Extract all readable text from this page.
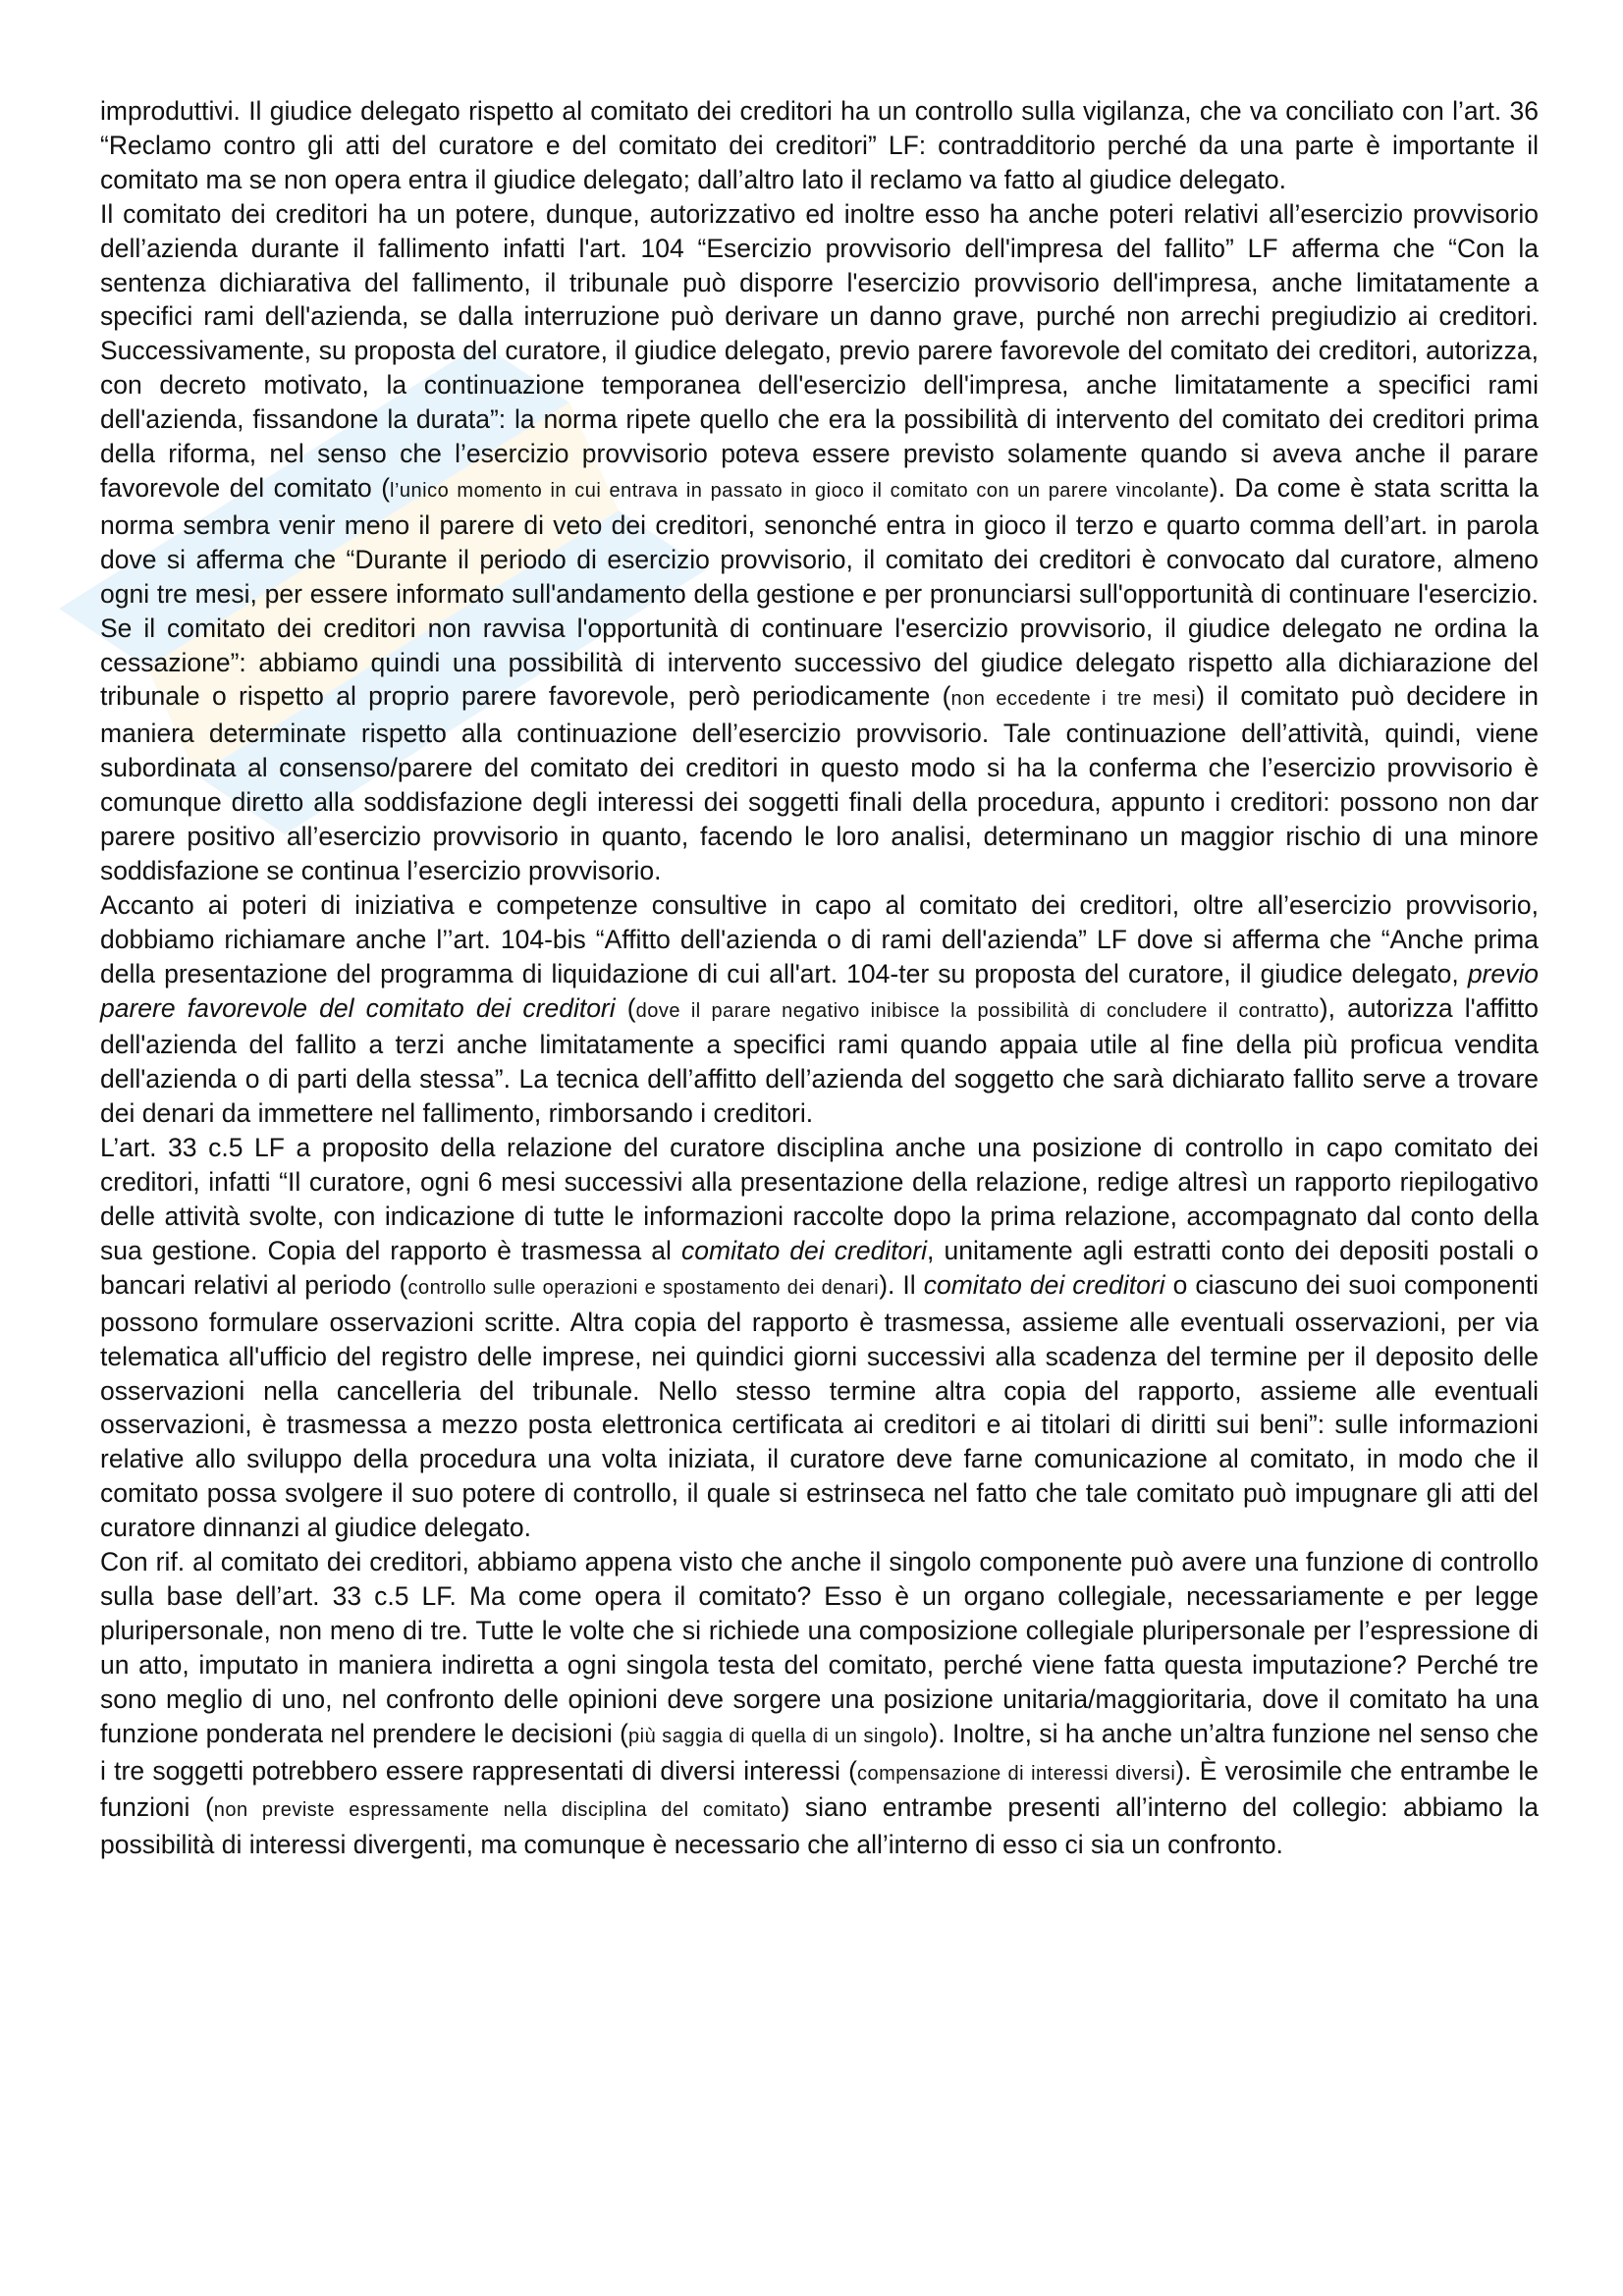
improduttivi. Il giudice delegato rispetto al comitato dei creditori ha un controllo sulla vigilanza, che va conciliato con l’art. 36 “Reclamo contro gli atti del curatore e del comitato dei creditori” LF: contradditorio perché da una parte è importante il comitato ma se non opera entra il giudice delegato; dall’altro lato il reclamo va fatto al giudice delegato.

Il comitato dei creditori ha un potere, dunque, autorizzativo ed inoltre esso ha anche poteri relativi all’esercizio provvisorio dell’azienda durante il fallimento infatti l'art. 104 “Esercizio provvisorio dell'impresa del fallito” LF afferma che “Con la sentenza dichiarativa del fallimento, il tribunale può disporre l'esercizio provvisorio dell'impresa, anche limitatamente a specifici rami dell'azienda, se dalla interruzione può derivare un danno grave, purché non arrechi pregiudizio ai creditori. Successivamente, su proposta del curatore, il giudice delegato, previo parere favorevole del comitato dei creditori, autorizza, con decreto motivato, la continuazione temporanea dell'esercizio dell'impresa, anche limitatamente a specifici rami dell'azienda, fissandone la durata”: la norma ripete quello che era la possibilità di intervento del comitato dei creditori prima della riforma, nel senso che l’esercizio provvisorio poteva essere previsto solamente quando si aveva anche il parare favorevole del comitato (l’unico momento in cui entrava in passato in gioco il comitato con un parere vincolante). Da come è stata scritta la norma sembra venir meno il parere di veto dei creditori, senonché entra in gioco il terzo e quarto comma dell’art. in parola dove si afferma che “Durante il periodo di esercizio provvisorio, il comitato dei creditori è convocato dal curatore, almeno ogni tre mesi, per essere informato sull'andamento della gestione e per pronunciarsi sull'opportunità di continuare l'esercizio. Se il comitato dei creditori non ravvisa l'opportunità di continuare l'esercizio provvisorio, il giudice delegato ne ordina la cessazione”: abbiamo quindi una possibilità di intervento successivo del giudice delegato rispetto alla dichiarazione del tribunale o rispetto al proprio parere favorevole, però periodicamente (non eccedente i tre mesi) il comitato può decidere in maniera determinate rispetto alla continuazione dell’esercizio provvisorio. Tale continuazione dell’attività, quindi, viene subordinata al consenso/parere del comitato dei creditori in questo modo si ha la conferma che l’esercizio provvisorio è comunque diretto alla soddisfazione degli interessi dei soggetti finali della procedura, appunto i creditori: possono non dar parere positivo all’esercizio provvisorio in quanto, facendo le loro analisi, determinano un maggior rischio di una minore soddisfazione se continua l’esercizio provvisorio.

Accanto ai poteri di iniziativa e competenze consultive in capo al comitato dei creditori, oltre all’esercizio provvisorio, dobbiamo richiamare anche l’’art. 104-bis “Affitto dell'azienda o di rami dell'azienda” LF dove si afferma che “Anche prima della presentazione del programma di liquidazione di cui all'art. 104-ter su proposta del curatore, il giudice delegato, previo parere favorevole del comitato dei creditori (dove il parare negativo inibisce la possibilità di concludere il contratto), autorizza l'affitto dell'azienda del fallito a terzi anche limitatamente a specifici rami quando appaia utile al fine della più proficua vendita dell'azienda o di parti della stessa”. La tecnica dell’affitto dell’azienda del soggetto che sarà dichiarato fallito serve a trovare dei denari da immettere nel fallimento, rimborsando i creditori.

L’art. 33 c.5 LF a proposito della relazione del curatore disciplina anche una posizione di controllo in capo comitato dei creditori, infatti “Il curatore, ogni 6 mesi successivi alla presentazione della relazione, redige altresì un rapporto riepilogativo delle attività svolte, con indicazione di tutte le informazioni raccolte dopo la prima relazione, accompagnato dal conto della sua gestione. Copia del rapporto è trasmessa al comitato dei creditori, unitamente agli estratti conto dei depositi postali o bancari relativi al periodo (controllo sulle operazioni e spostamento dei denari). Il comitato dei creditori o ciascuno dei suoi componenti possono formulare osservazioni scritte. Altra copia del rapporto è trasmessa, assieme alle eventuali osservazioni, per via telematica all'ufficio del registro delle imprese, nei quindici giorni successivi alla scadenza del termine per il deposito delle osservazioni nella cancelleria del tribunale. Nello stesso termine altra copia del rapporto, assieme alle eventuali osservazioni, è trasmessa a mezzo posta elettronica certificata ai creditori e ai titolari di diritti sui beni”: sulle informazioni relative allo sviluppo della procedura una volta iniziata, il curatore deve farne comunicazione al comitato, in modo che il comitato possa svolgere il suo potere di controllo, il quale si estrinseca nel fatto che tale comitato può impugnare gli atti del curatore dinnanzi al giudice delegato.

Con rif. al comitato dei creditori, abbiamo appena visto che anche il singolo componente può avere una funzione di controllo sulla base dell’art. 33 c.5 LF. Ma come opera il comitato? Esso è un organo collegiale, necessariamente e per legge pluripersonale, non meno di tre. Tutte le volte che si richiede una composizione collegiale pluripersonale per l’espressione di un atto, imputato in maniera indiretta a ogni singola testa del comitato, perché viene fatta questa imputazione? Perché tre sono meglio di uno, nel confronto delle opinioni deve sorgere una posizione unitaria/maggioritaria, dove il comitato ha una funzione ponderata nel prendere le decisioni (più saggia di quella di un singolo). Inoltre, si ha anche un’altra funzione nel senso che i tre soggetti potrebbero essere rappresentati di diversi interessi (compensazione di interessi diversi). È verosimile che entrambe le funzioni (non previste espressamente nella disciplina del comitato) siano entrambe presenti all’interno del collegio: abbiamo la possibilità di interessi divergenti, ma comunque è necessario che all’interno di esso ci sia un confronto.
